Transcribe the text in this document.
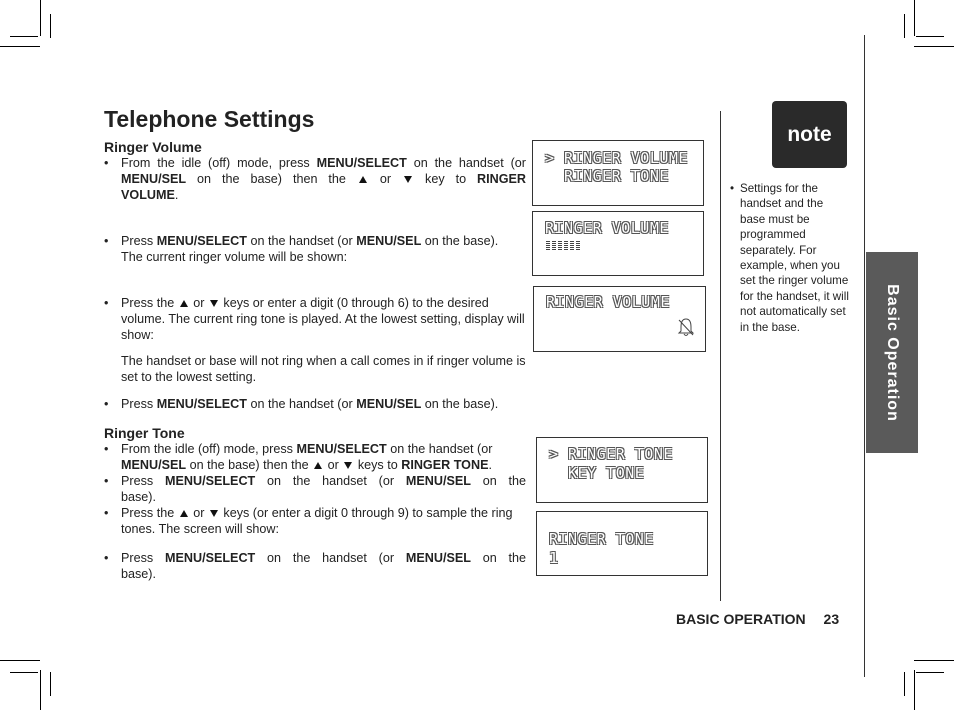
Telephone Settings
Ringer Volume
• From the idle (off) mode, press MENU/SELECT on the handset (or MENU/SEL on the base) then the	or	key to RINGER
VOLUME.
• Press MENU/SELECT on the handset (or MENU/SEL on the base).
The current ringer volume will be shown:
• Press the or keys or enter a digit (0 through 6) to the desired volume. The current ring tone is played. At the lowest setting, display will show:
The handset or base will not ring when a call comes in if ringer volume is set to the lowest setting.
• Press MENU/SELECT on the handset (or MENU/SEL on the base).
Ringer Tone
• From the idle (off) mode, press MENU/SELECT on the handset (or
MENU/SEL on the base) then the or keys to RINGER TONE.
• Press MENU/SELECT on the handset (or MENU/SEL on the
base).
• Press the or keys (or enter a digit 0 through 9) to sample the ring tones. The screen will show:
• Press MENU/SELECT on the handset (or MENU/SEL on the
base).

> RINGER VOLUME

RINGER TONE

RINGER VOLUME

RINGER VOLUME

> RINGER TONE

KEY TONE

RINGER TONE

1

note
• Settings for the handset and the base must be programmed separately. For example, when you set the ringer volume for the handset, it will not automatically set in the base.	Basic Operation
BASIC OPERATION 23
